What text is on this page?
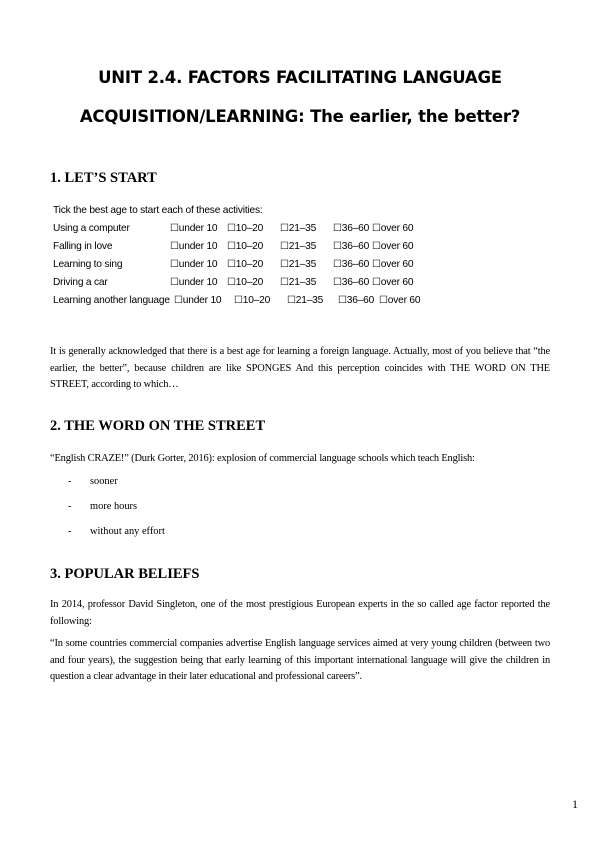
UNIT 2.4. FACTORS FACILITATING LANGUAGE
ACQUISITION/LEARNING: The earlier, the better?
1. LET’S START
Tick the best age to start each of these activities:
Using a computer	☐under 10 ☐10–20 ☐21–35 ☐36–60 ☐over 60
Falling in love	☐under 10 ☐10–20 ☐21–35 ☐36–60 ☐over 60
Learning to sing	☐under 10 ☐10–20 ☐21–35 ☐36–60 ☐over 60
Driving a car	☐under 10 ☐10–20 ☐21–35 ☐36–60 ☐over 60
Learning another language ☐under 10 ☐10–20 ☐21–35 ☐36–60 ☐over 60
It is generally acknowledged that there is a best age for learning a foreign language. Actually, most of you believe that “the earlier, the better”, because children are like SPONGES And this perception coincides with THE WORD ON THE STREET, according to which…
2. THE WORD ON THE STREET
“English CRAZE!” (Durk Gorter, 2016): explosion of commercial language schools which teach English:
- sooner
- more hours
- without any effort
3. POPULAR BELIEFS
In 2014, professor David Singleton, one of the most prestigious European experts in the so called age factor reported the following:
“In some countries commercial companies advertise English language services aimed at very young children (between two and four years), the suggestion being that early learning of this important international language will give the children in question a clear advantage in their later educational and professional careers”.
1
